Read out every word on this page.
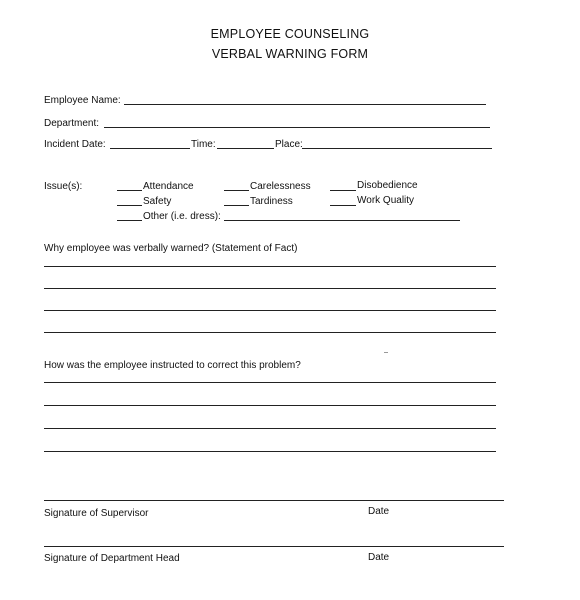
EMPLOYEE COUNSELING
VERBAL WARNING FORM
Employee Name:
Department:
Incident Date:	Time:	Place:
Issue(s):	Attendance	Carelessness	Disobedience
Safety	Tardiness	Work Quality
Other (i.e. dress):
Why employee was verbally warned? (Statement of Fact)
How was the employee instructed to correct this problem?
Signature of Supervisor	Date
Signature of Department Head	Date
